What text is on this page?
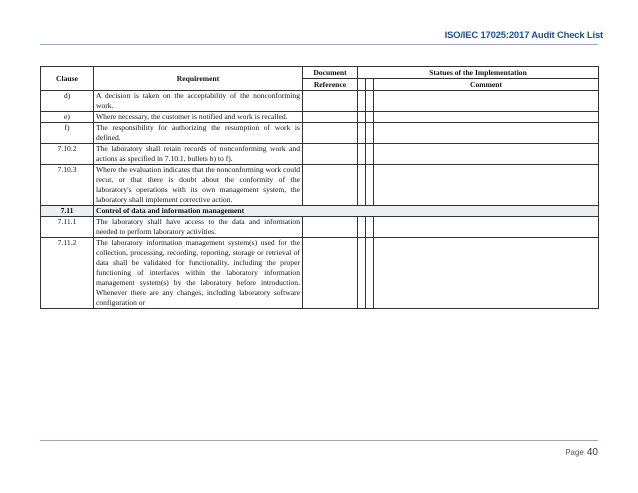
ISO/IEC 17025:2017 Audit Check List
Clause	Requirement	Document	Statues of the Implementation		
		Reference			Comment
d)	A decision is taken on the acceptability of the nonconforming work.				
e)	Where necessary, the customer is notified and work is recalled.				
f)	The responsibility for authorizing the resumption of work is defined.				
7.10.2	The laboratory shall retain records of nonconforming work and actions as specified in 7.10.1, bullets b) to f).				
7.10.3	Where the evaluation indicates that the nonconforming work could recur, or that there is doubt about the conformity of the laboratory's operations with its own management system, the laboratory shall implement corrective action.				
7.11	Control of data and information management				
7.11.1	The laboratory shall have access to the data and information needed to perform laboratory activities.				
7.11.2	The laboratory information management system(s) used for the collection, processing, recording, reporting, storage or retrieval of data shall be validated for functionality, including the proper functioning of interfaces within the laboratory information management system(s) by the laboratory before introduction. Whenever there are any changes, including laboratory software configuration or				
Page 40
